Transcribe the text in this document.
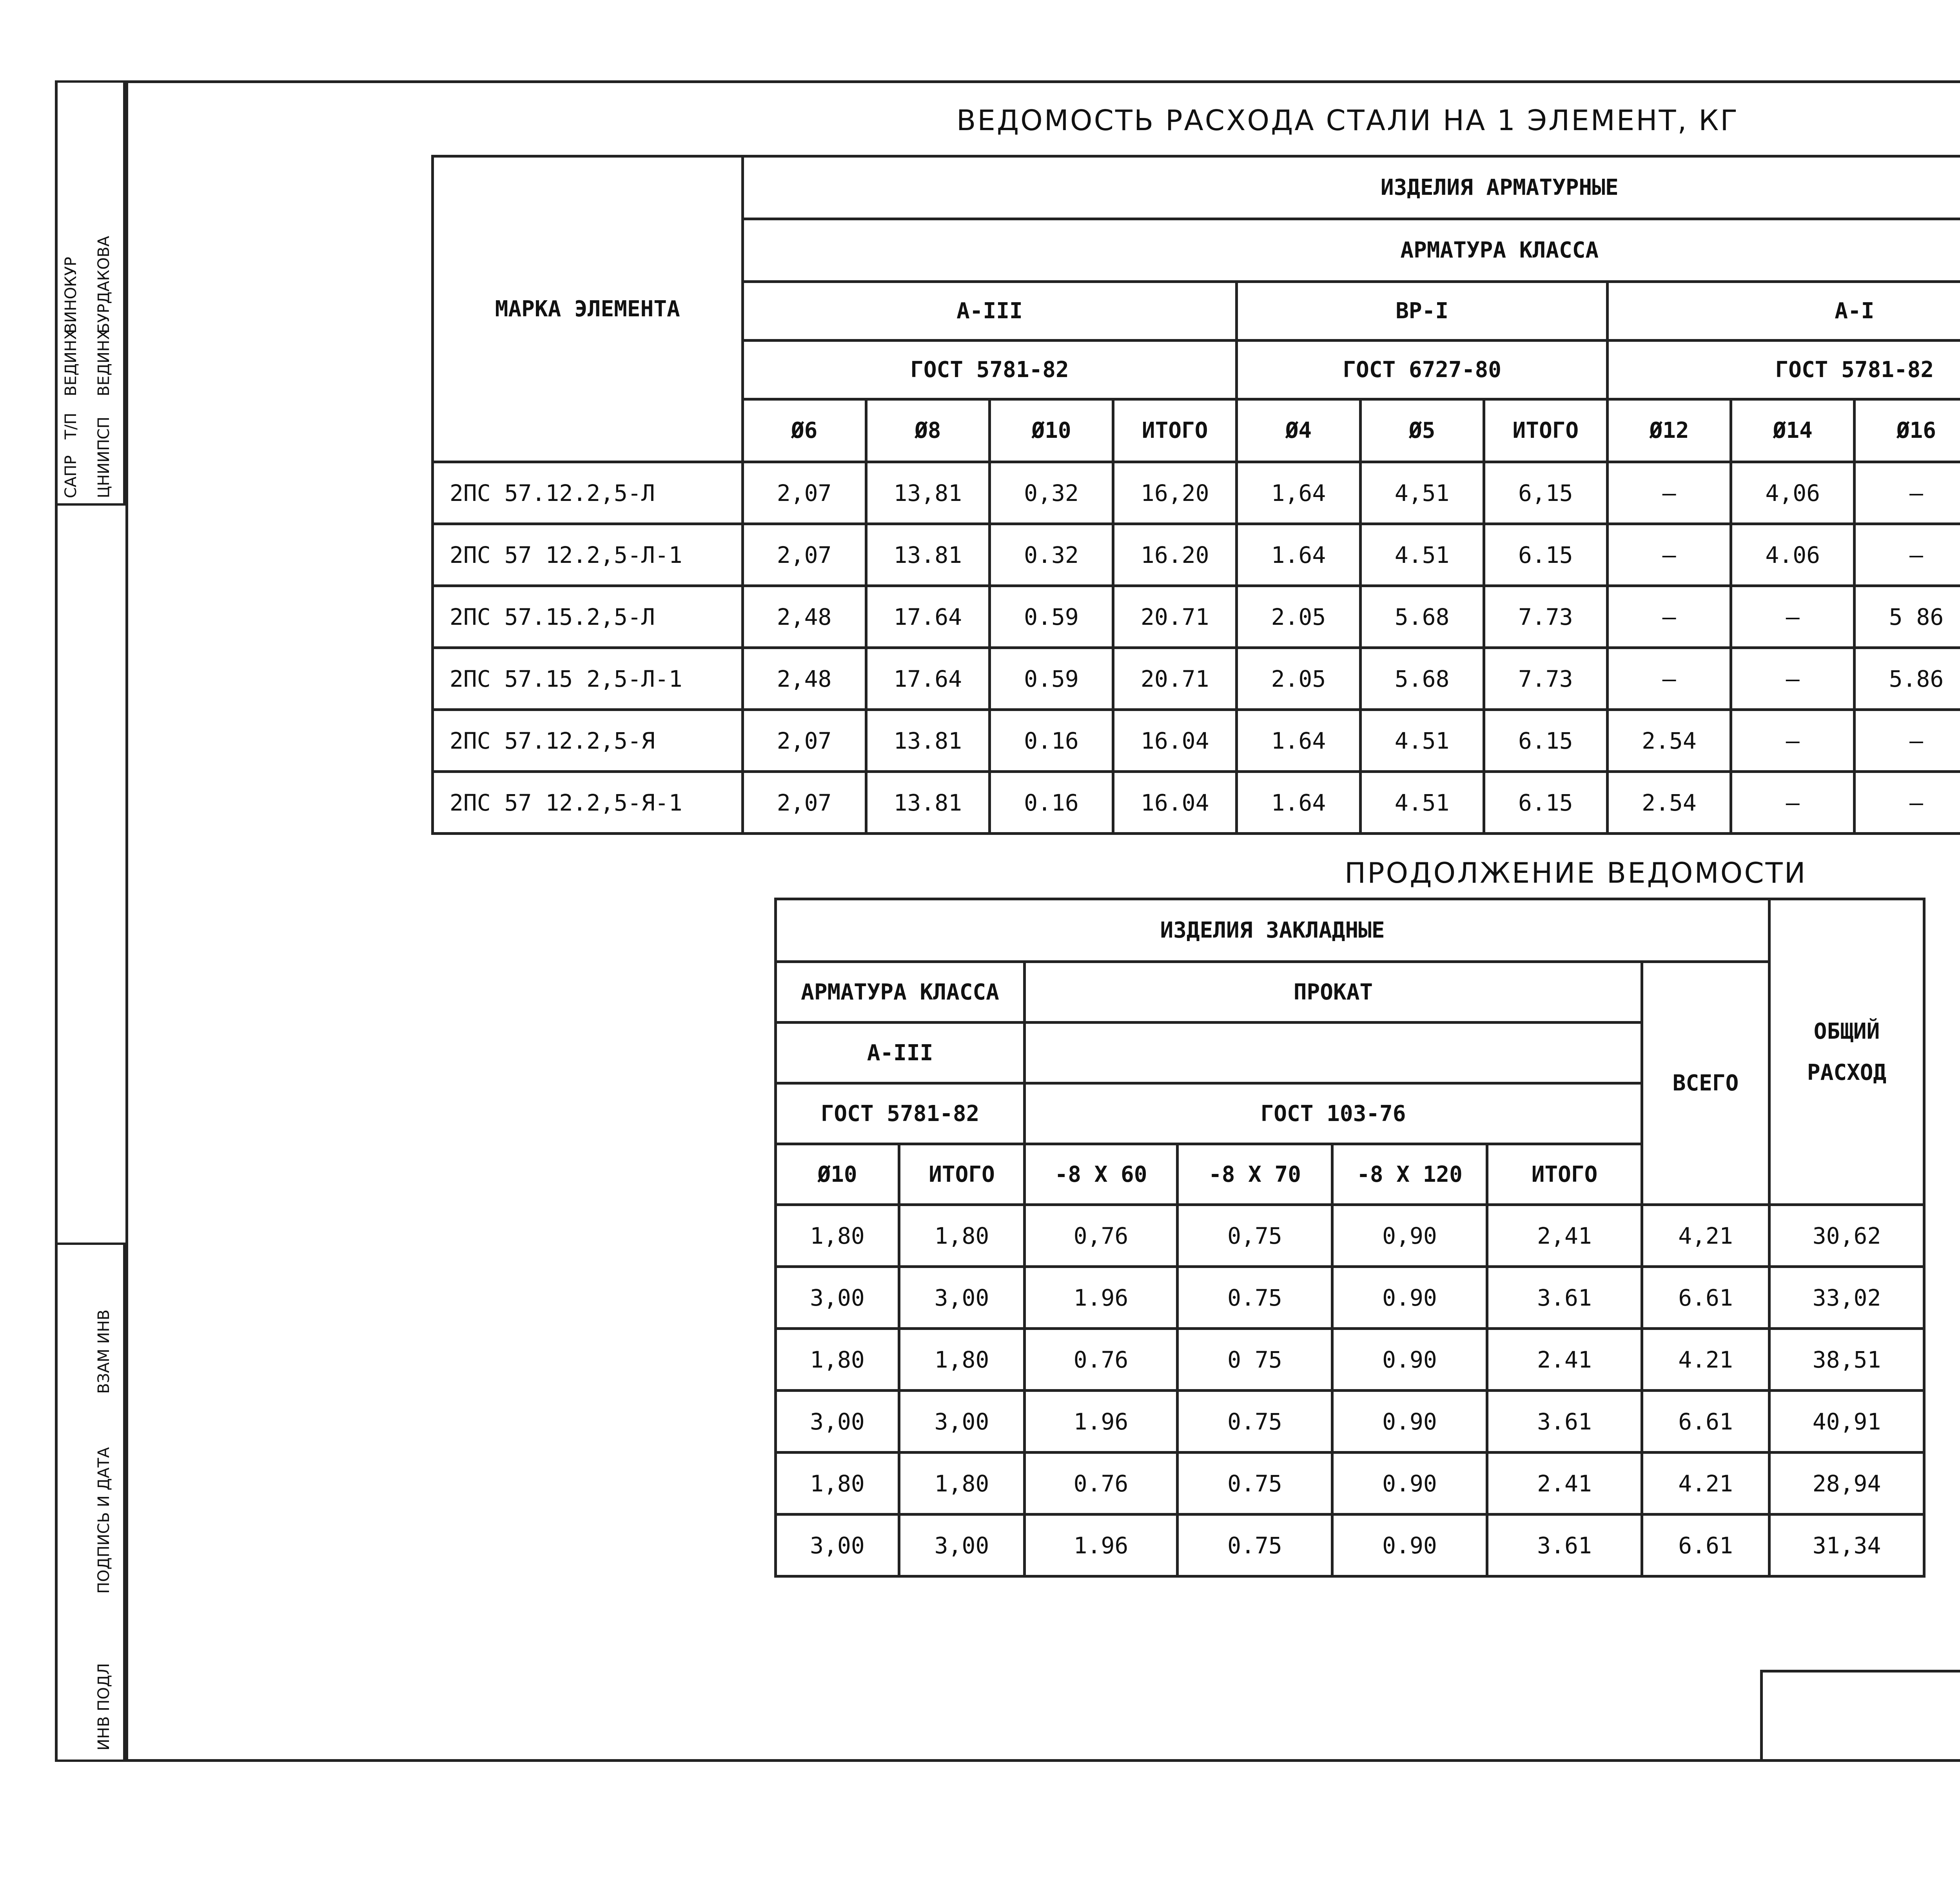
САПР ЦНИИП
Т/П СП
ВЕДИНХ ВЕДИНХ
ВИНОКУР БУРДАКОВА
ВЗАМ ИНВ
ПОДПИСЬ И ДАТА
ИНВ ПОДЛ
ВЕДОМОСТЬ РАСХОДА СТАЛИ НА 1 ЭЛЕМЕНТ, КГ
МАРКА ЭЛЕМЕНТА	ИЗДЕЛИЯ АРМАТУРНЫЕ											
	АРМАТУРА КЛАССА											
	А-III				ВР-I			А-I	
	ГОСТ 5781-82				ГОСТ 6727-80			ГОСТ 5781-82				
	Ø6	Ø8	Ø10	ИТОГО	Ø4	Ø5	ИТОГО	Ø12	Ø14	Ø16	
2ПС 57.12.2,5-Л	2,07	13,81	0,32	16,20	1,64	4,51	6,15	–	4,06	–		
2ПС 57 12.2,5-Л-1	2,07	13.81	0.32	16.20	1.64	4.51	6.15	—	4.06	–		
2ПС 57.15.2,5-Л	2,48	17.64	0.59	20.71	2.05	5.68	7.73	–	–	5 86		
2ПС 57.15 2,5-Л-1	2,48	17.64	0.59	20.71	2.05	5.68	7.73	–	–	5.86		
2ПС 57.12.2,5-Я	2,07	13.81	0.16	16.04	1.64	4.51	6.15	2.54	–	–		
2ПС 57 12.2,5-Я-1	2,07	13.81	0.16	16.04	1.64	4.51	6.15	2.54	–	—		
ПРОДОЛЖЕНИЕ ВЕДОМОСТИ
ИЗДЕЛИЯ ЗАКЛАДНЫЕ							ОБЩИЙ
РАСХОД

АРМАТУРА КЛАССА		ПРОКАТ				ВСЕГО	
А-III							
ГОСТ 5781-82		ГОСТ 103-76					
Ø10	ИТОГО	-8 X 60	-8 X 70	-8 X 120	ИТОГО		
1,80	1,80	0,76	0,75	0,90	2,41	4,21	30,62
3,00	3,00	1.96	0.75	0.90	3.61	6.61	33,02
1,80	1,80	0.76	0 75	0.90	2.41	4.21	38,51
3,00	3,00	1.96	0.75	0.90	3.61	6.61	40,91
1,80	1,80	0.76	0.75	0.90	2.41	4.21	28,94
3,00	3,00	1.96	0.75	0.90	3.61	6.61	31,34
